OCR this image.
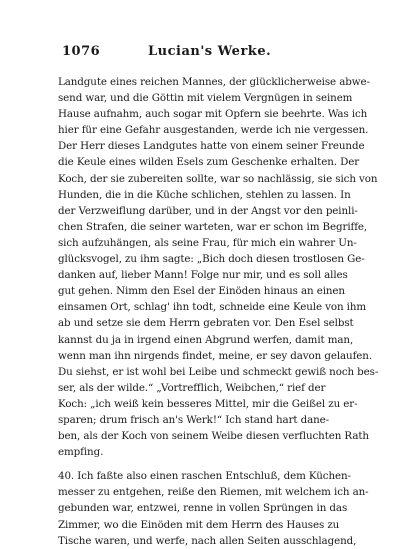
1076	Lucian's Werke.
Landgute eines reichen Mannes, der glücklicherweise abwe-
send war, und die Göttin mit vielem Vergnügen in seinem
Hause aufnahm, auch sogar mit Opfern sie beehrte. Was ich
hier für eine Gefahr ausgestanden, werde ich nie vergessen.
Der Herr dieses Landgutes hatte von einem seiner Freunde
die Keule eines wilden Esels zum Geschenke erhalten. Der
Koch, der sie zubereiten sollte, war so nachlässig, sie sich von
Hunden, die in die Küche schlichen, stehlen zu lassen. In
der Verzweiflung darüber, und in der Angst vor den peinli-
chen Strafen, die seiner warteten, war er schon im Begriffe,
sich aufzuhängen, als seine Frau, für mich ein wahrer Un-
glücksvogel, zu ihm sagte: „Bich doch diesen trostlosen Ge-
danken auf, lieber Mann! Folge nur mir, und es soll alles
gut gehen. Nimm den Esel der Einöden hinaus an einen
einsamen Ort, schlag' ihn todt, schneide eine Keule von ihm
ab und setze sie dem Herrn gebraten vor. Den Esel selbst
kannst du ja in irgend einen Abgrund werfen, damit man,
wenn man ihn nirgends findet, meine, er sey davon gelaufen.
Du siehst, er ist wohl bei Leibe und schmeckt gewiß noch bes-
ser, als der wilde.“ „Vortrefflich, Weibchen,“ rief der
Koch: „ich weiß kein besseres Mittel, mir die Geißel zu er-
sparen; drum frisch an's Werk!“ Ich stand hart dane-
ben, als der Koch von seinem Weibe diesen verfluchten Rath
empfing.
40. Ich faßte also einen raschen Entschluß, dem Küchen-
messer zu entgehen, reiße den Riemen, mit welchem ich an-
gebunden war, entzwei, renne in vollen Sprüngen in das
Zimmer, wo die Einöden mit dem Herrn des Hauses zu
Tische waren, und werfe, nach allen Seiten ausschlagend,
